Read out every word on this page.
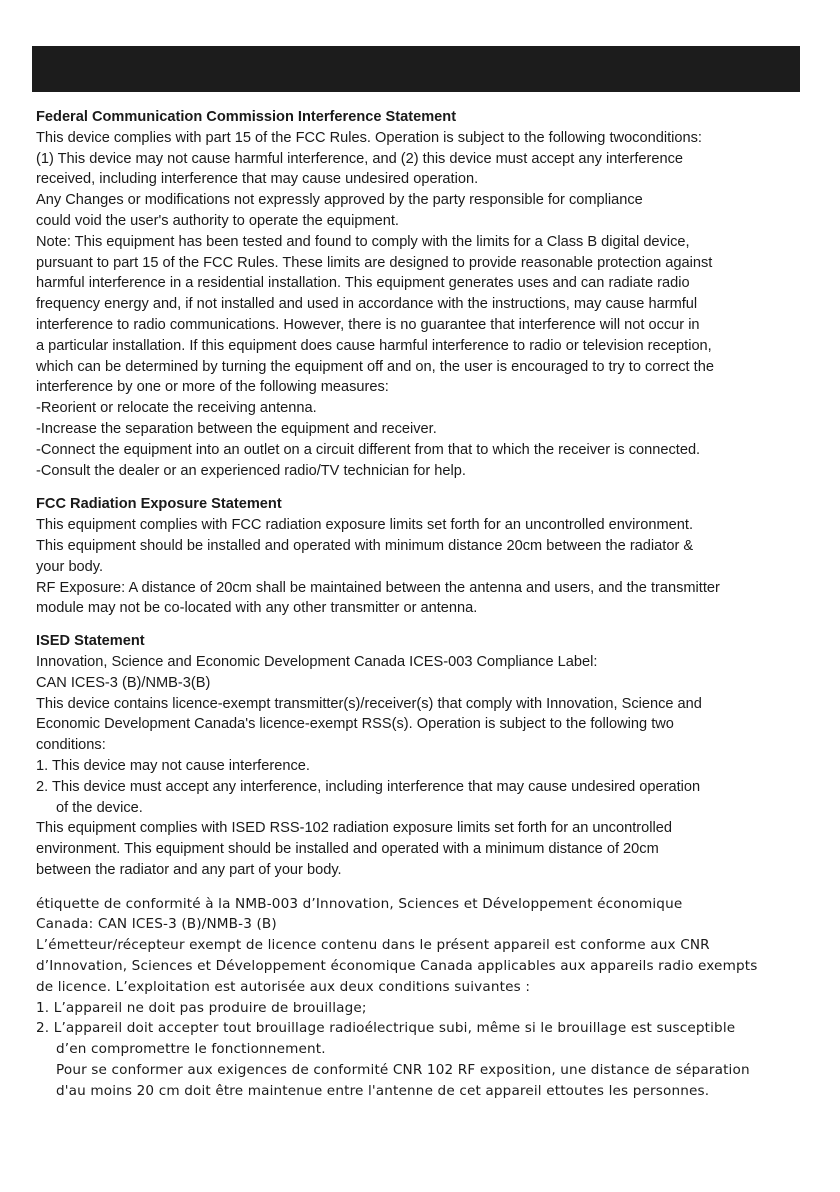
Federal Communication Commission Interference Statement

This device complies with part 15 of the FCC Rules. Operation is subject to the following twoconditions:

(1) This device may not cause harmful interference, and (2) this device must accept any interference

received, including interference that may cause undesired operation.

Any Changes or modifications not expressly approved by the party responsible for compliance

could void the user's authority to operate the equipment.

Note: This equipment has been tested and found to comply with the limits for a Class B digital device,

pursuant to part 15 of the FCC Rules. These limits are designed to provide reasonable protection against

harmful interference in a residential installation. This equipment generates uses and can radiate radio

frequency energy and, if not installed and used in accordance with the instructions, may cause harmful

interference to radio communications. However, there is no guarantee that interference will not occur in

a particular installation. If this equipment does cause harmful interference to radio or television reception,

which can be determined by turning the equipment off and on, the user is encouraged to try to correct the

interference by one or more of the following measures:

-Reorient or relocate the receiving antenna.

-Increase the separation between the equipment and receiver.

-Connect the equipment into an outlet on a circuit different from that to which the receiver is connected.

-Consult the dealer or an experienced radio/TV technician for help.

FCC Radiation Exposure Statement

This equipment complies with FCC radiation exposure limits set forth for an uncontrolled environment.

This equipment should be installed and operated with minimum distance 20cm between the radiator &

your body.

RF Exposure: A distance of 20cm shall be maintained between the antenna and users, and the transmitter

module may not be co-located with any other transmitter or antenna.

ISED Statement

Innovation, Science and Economic Development Canada ICES-003 Compliance Label:

CAN ICES-3 (B)/NMB-3(B)

This device contains licence-exempt transmitter(s)/receiver(s) that comply with Innovation, Science and

Economic Development Canada's licence-exempt RSS(s). Operation is subject to the following two

conditions:

1. This device may not cause interference.

2. This device must accept any interference, including interference that may cause undesired operation

of the device.

This equipment complies with ISED RSS-102 radiation exposure limits set forth for an uncontrolled

environment. This equipment should be installed and operated with a minimum distance of 20cm

between the radiator and any part of your body.

étiquette de conformité à la NMB-003 d’Innovation, Sciences et Développement économique

Canada: CAN ICES-3 (B)/NMB-3 (B)

L’émetteur/récepteur exempt de licence contenu dans le présent appareil est conforme aux CNR

d’Innovation, Sciences et Développement économique Canada applicables aux appareils radio exempts

de licence. L’exploitation est autorisée aux deux conditions suivantes :

1. L’appareil ne doit pas produire de brouillage;

2. L’appareil doit accepter tout brouillage radioélectrique subi, même si le brouillage est susceptible

d’en compromettre le fonctionnement.

Pour se conformer aux exigences de conformité CNR 102 RF exposition, une distance de séparation

d'au moins 20 cm doit être maintenue entre l'antenne de cet appareil ettoutes les personnes.
